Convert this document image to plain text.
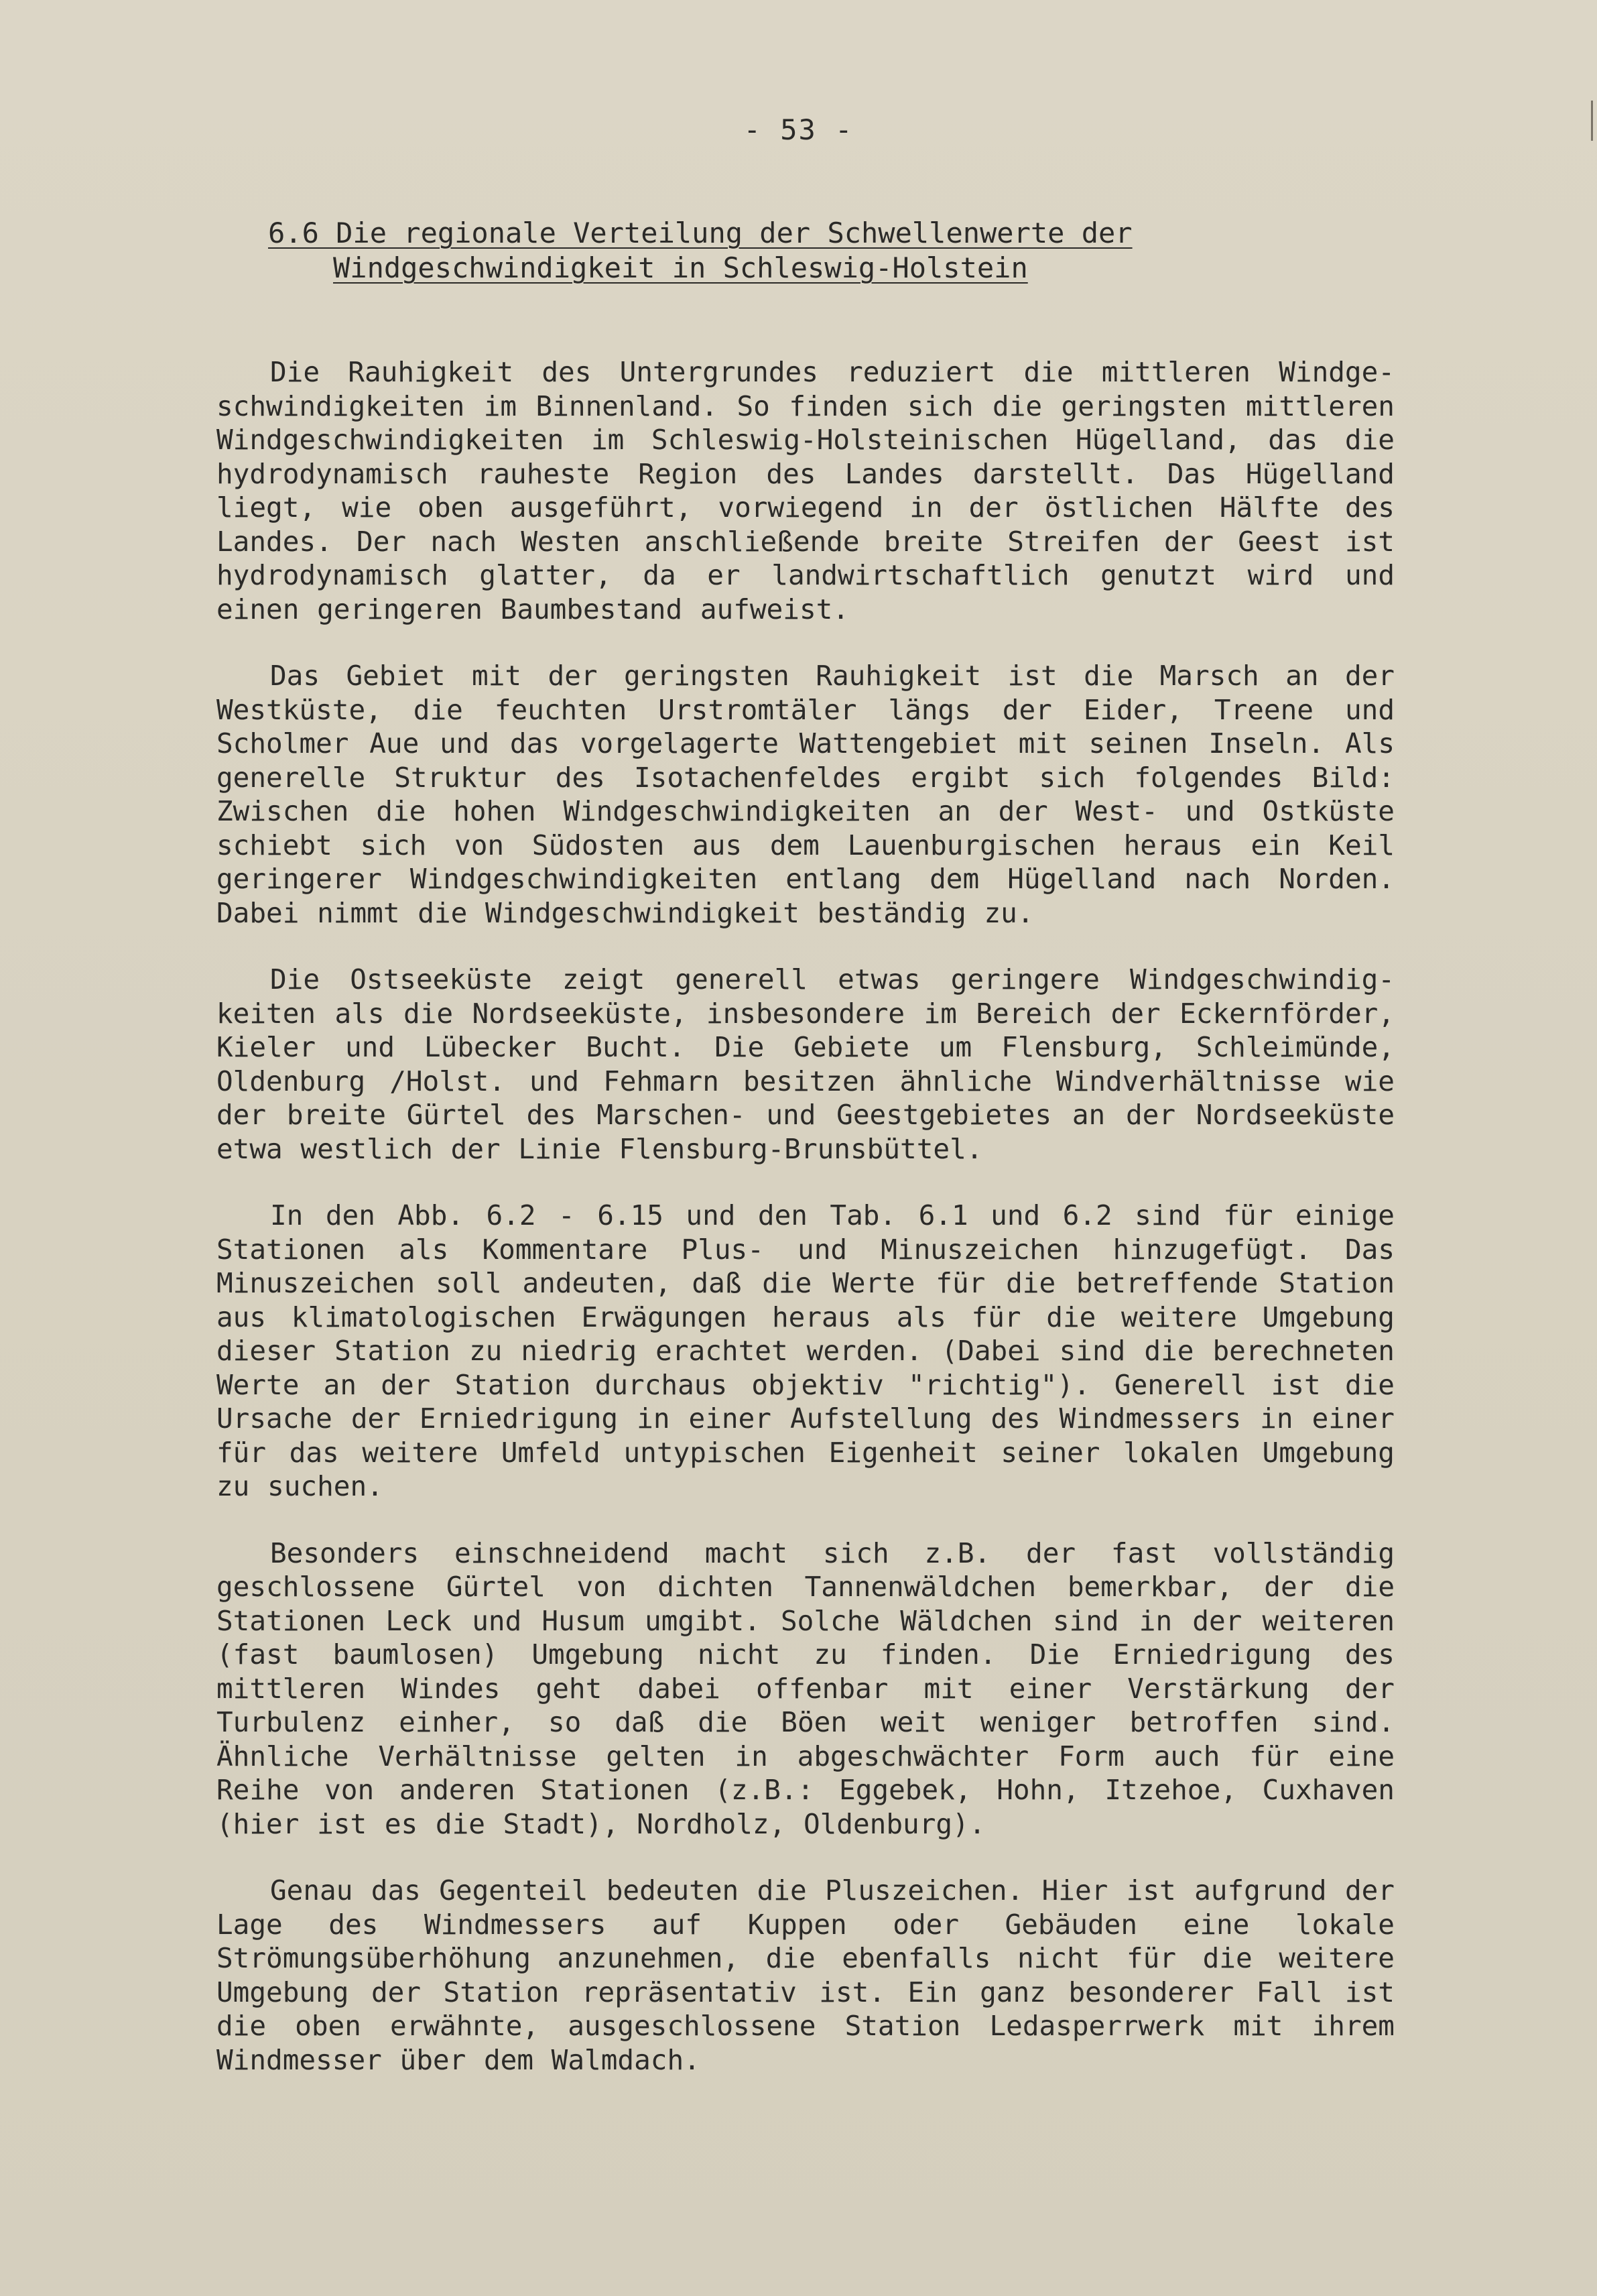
- 53 -
6.6 Die regionale Verteilung der Schwellenwerte der
Windgeschwindigkeit in Schleswig-Holstein

Die Rauhigkeit des Untergrundes reduziert die mittleren Windgeschwindigkeiten im Binnenland. So finden sich die geringsten mittleren Windgeschwindigkeiten im Schleswig-Holsteinischen Hügelland, das die hydrodynamisch rauheste Region des Landes darstellt. Das Hügelland liegt, wie oben ausgeführt, vorwiegend in der östlichen Hälfte des Landes. Der nach Westen anschließende breite Streifen der Geest ist hydrodynamisch glatter, da er landwirtschaftlich genutzt wird und einen geringeren Baumbestand aufweist.

Das Gebiet mit der geringsten Rauhigkeit ist die Marsch an der Westküste, die feuchten Urstromtäler längs der Eider, Treene und Scholmer Aue und das vorgelagerte Wattengebiet mit seinen Inseln. Als generelle Struktur des Isotachenfeldes ergibt sich folgendes Bild: Zwischen die hohen Windgeschwindigkeiten an der West- und Ostküste schiebt sich von Südosten aus dem Lauenburgischen heraus ein Keil geringerer Windgeschwindigkeiten entlang dem Hügelland nach Norden. Dabei nimmt die Windgeschwindigkeit beständig zu.

Die Ostseeküste zeigt generell etwas geringere Windgeschwindigkeiten als die Nordseeküste, insbesondere im Bereich der Eckernförder, Kieler und Lübecker Bucht. Die Gebiete um Flensburg, Schleimünde, Oldenburg /Holst. und Fehmarn besitzen ähnliche Windverhältnisse wie der breite Gürtel des Marschen- und Geestgebietes an der Nordseeküste etwa westlich der Linie Flensburg-Brunsbüttel.

In den Abb. 6.2 - 6.15 und den Tab. 6.1 und 6.2 sind für einige Stationen als Kommentare Plus- und Minuszeichen hinzugefügt. Das Minuszeichen soll andeuten, daß die Werte für die betreffende Station aus klimatologischen Erwägungen heraus als für die weitere Umgebung dieser Station zu niedrig erachtet werden. (Dabei sind die berechneten Werte an der Station durchaus objektiv "richtig"). Generell ist die Ursache der Erniedrigung in einer Aufstellung des Windmessers in einer für das weitere Umfeld untypischen Eigenheit seiner lokalen Umgebung zu suchen.

Besonders einschneidend macht sich z.B. der fast vollständig geschlossene Gürtel von dichten Tannenwäldchen bemerkbar, der die Stationen Leck und Husum umgibt. Solche Wäldchen sind in der weiteren (fast baumlosen) Umgebung nicht zu finden. Die Erniedrigung des mittleren Windes geht dabei offenbar mit einer Verstärkung der Turbulenz einher, so daß die Böen weit weniger betroffen sind. Ähnliche Verhältnisse gelten in abgeschwächter Form auch für eine Reihe von anderen Stationen (z.B.: Eggebek, Hohn, Itzehoe, Cuxhaven (hier ist es die Stadt), Nordholz, Oldenburg).

Genau das Gegenteil bedeuten die Pluszeichen. Hier ist aufgrund der Lage des Windmessers auf Kuppen oder Gebäuden eine lokale Strömungsüberhöhung anzunehmen, die ebenfalls nicht für die weitere Umgebung der Station repräsentativ ist. Ein ganz besonderer Fall ist die oben erwähnte, ausgeschlossene Station Ledasperrwerk mit ihrem Windmesser über dem Walmdach.
